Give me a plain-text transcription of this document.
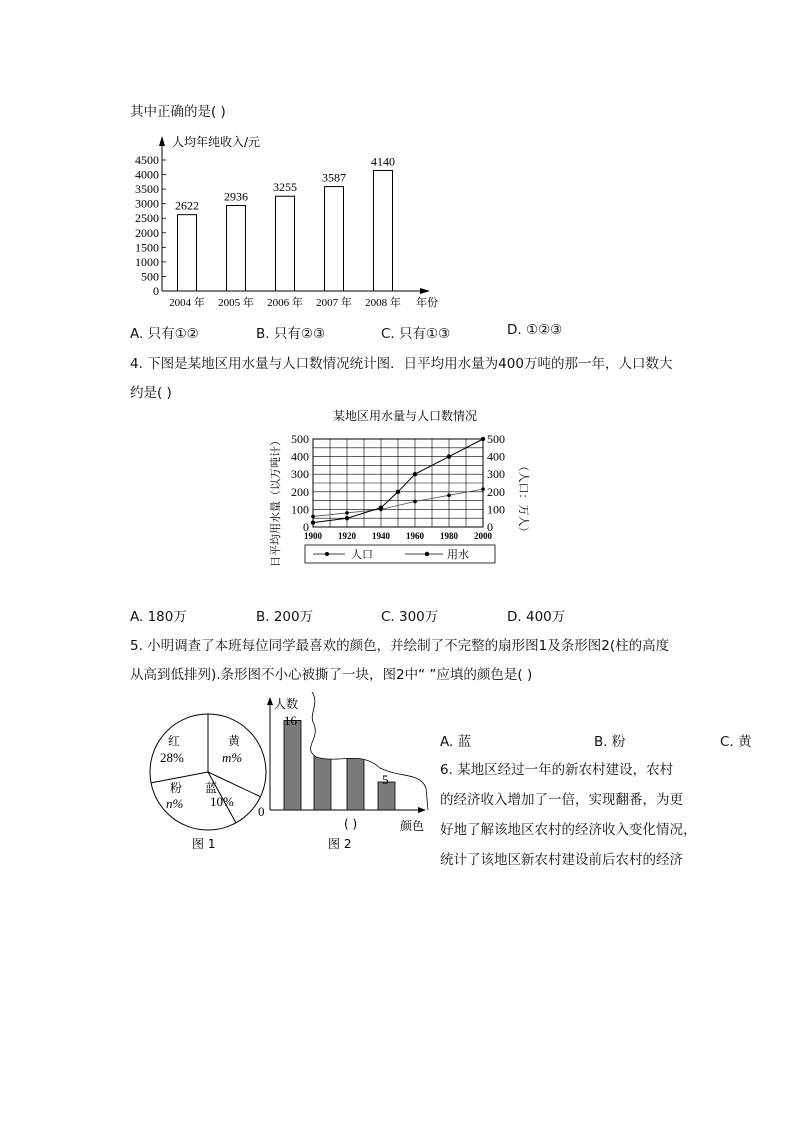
其中正确的是( )
0
500
1000
1500
2000
2500
3000
3500
4000
4500
2622
2936
3255
3587
4140
2004 年 2005 年 2006 年 2007 年 2008 年
人均年纯收入/元
年份
A. 只有①②	B. 只有②③	C. 只有①③	D. ①②③
4. 下图是某地区用水量与人口数情况统计图．日平均用水量为400万吨的那一年，人口数大
约是( )
某地区用水量与人口数情况
0
100
200
300
400
500
0
100
200
300
400
500
1900 1920 1940 1960 1980 2000
日平均用水量（以万吨计）	（人口：万人）
人口	用水
A. 180万	B. 200万	C. 300万	D. 400万
5. 小明调查了本班每位同学最喜欢的颜色，并绘制了不完整的扇形图1及条形图2(柱的高度
从高到低排列).条形图不小心被撕了一块，图2中“ ”应填的颜色是( )
红
28%
黄
m%
蓝
10%
粉
n%
图 1
人数
0
16
5
( )	颜色
图 2
A. 蓝	B. 粉	C. 黄
6. 某地区经过一年的新农村建设，农村
的经济收入增加了一倍，实现翻番，为更
好地了解该地区农村的经济收入变化情况，
统计了该地区新农村建设前后农村的经济
